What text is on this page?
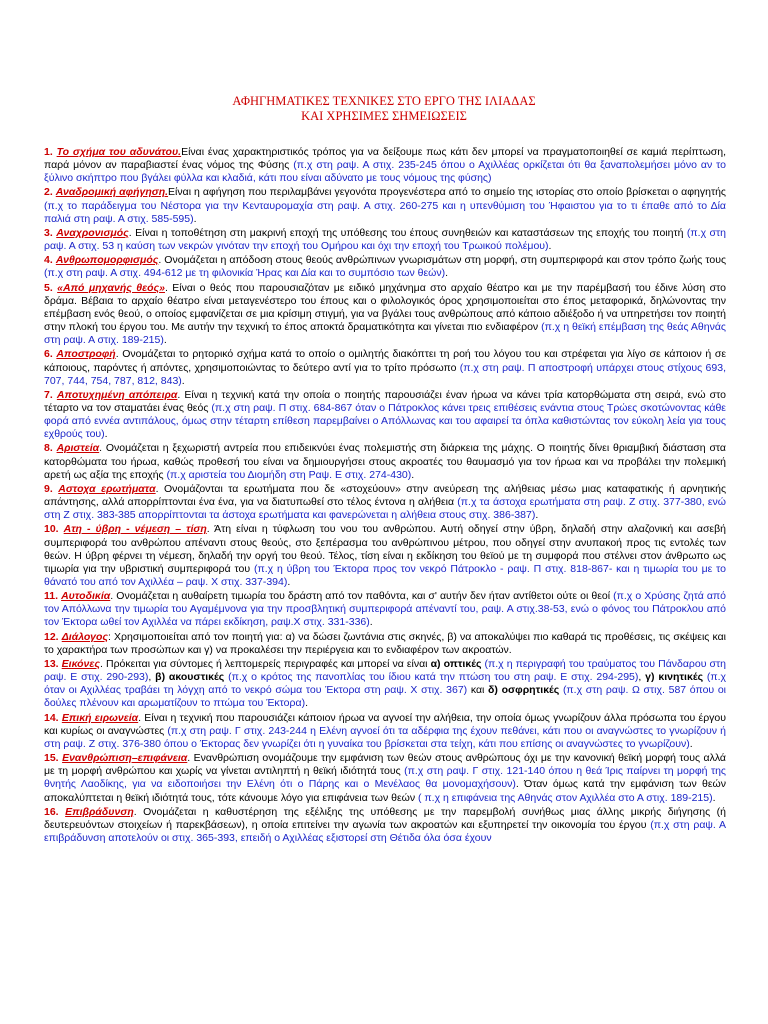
ΑΦΗΓΗΜΑΤΙΚΕΣ ΤΕΧΝΙΚΕΣ ΣΤΟ ΕΡΓΟ ΤΗΣ ΙΛΙΑΔΑΣ
ΚΑΙ ΧΡΗΣΙΜΕΣ ΣΗΜΕΙΩΣΕΙΣ
1. Το σχήμα του αδυνάτου.Είναι ένας χαρακτηριστικός τρόπος για να δείξουμε πως κάτι δεν μπορεί να πραγματοποιηθεί σε καμιά περίπτωση, παρά μόνον αν παραβιαστεί ένας νόμος της Φύσης (π.χ στη ραψ. Α στιχ. 235-245 όπου ο Αχιλλέας ορκίζεται ότι θα ξαναπολεμήσει μόνο αν το ξύλινο σκήπτρο που βγάλει φύλλα και κλαδιά, κάτι που είναι αδύνατο με τους νόμους της φύσης)
2. Αναδρομική αφήγηση.Είναι η αφήγηση που περιλαμβάνει γεγονότα προγενέστερα από το σημείο της ιστορίας στο οποίο βρίσκεται ο αφηγητής (π.χ το παράδειγμα του Νέστορα για την Κενταυρομαχία στη ραψ. Α στιχ. 260-275 και η υπενθύμιση του Ήφαιστου για το τι έπαθε από το Δία παλιά στη ραψ. Α στιχ. 585-595).
3. Αναχρονισμός. Είναι η τοποθέτηση στη μακρινή εποχή της υπόθεσης του έπους συνηθειών και καταστάσεων της εποχής του ποιητή (π.χ στη ραψ. Α στιχ. 53 η καύση των νεκρών γινόταν την εποχή του Ομήρου και όχι την εποχή του Τρωικού πολέμου).
4. Ανθρωπομορφισμός. Ονομάζεται η απόδοση στους θεούς ανθρώπινων γνωρισμάτων στη μορφή, στη συμπεριφορά και στον τρόπο ζωής τους (π.χ στη ραψ. Α στιχ. 494-612 με τη φιλονικία Ήρας και Δία και το συμπόσιο των θεών).
5. «Από μηχανής θεός». Είναι ο θεός που παρουσιαζόταν με ειδικό μηχάνημα στο αρχαίο θέατρο και με την παρέμβασή του έδινε λύση στο δράμα. Βέβαια το αρχαίο θέατρο είναι μεταγενέστερο του έπους και ο φιλολογικός όρος χρησιμοποιείται στο έπος μεταφορικά, δηλώνοντας την επέμβαση ενός θεού, ο οποίος εμφανίζεται σε μια κρίσιμη στιγμή, για να βγάλει τους ανθρώπους από κάποιο αδιέξοδο ή να υπηρετήσει τον ποιητή στην πλοκή του έργου του. Με αυτήν την τεχνική το έπος αποκτά δραματικότητα και γίνεται πιο ενδιαφέρον (π.χ η θεϊκή επέμβαση της θεάς Αθηνάς στη ραψ. Α στιχ. 189-215).
6. Αποστροφή. Ονομάζεται το ρητορικό σχήμα κατά το οποίο ο ομιλητής διακόπτει τη ροή του λόγου του και στρέφεται για λίγο σε κάποιον ή σε κάποιους, παρόντες ή απόντες, χρησιμοποιώντας το δεύτερο αντί για το τρίτο πρόσωπο (π.χ στη ραψ. Π αποστροφή υπάρχει στους στίχους 693, 707, 744, 754, 787, 812, 843).
7. Αποτυχημένη απόπειρα. Είναι η τεχνική κατά την οποία ο ποιητής παρουσιάζει έναν ήρωα να κάνει τρία κατορθώματα στη σειρά, ενώ στο τέταρτο να τον σταματάει ένας θεός (π.χ στη ραψ. Π στιχ. 684-867 όταν ο Πάτροκλος κάνει τρεις επιθέσεις ενάντια στους Τρώες σκοτώνοντας κάθε φορά από εννέα αντιπάλους, όμως στην τέταρτη επίθεση παρεμβαίνει ο Απόλλωνας και του αφαιρεί τα όπλα καθιστώντας τον εύκολη λεία για τους εχθρούς του).
8. Αριστεία. Ονομάζεται η ξεχωριστή αντρεία που επιδεικνύει ένας πολεμιστής στη διάρκεια της μάχης. Ο ποιητής δίνει θριαμβική διάσταση στα κατορθώματα του ήρωα, καθώς προθεσή του είναι να δημιουργήσει στους ακροατές του θαυμασμό για τον ήρωα και να προβάλει την πολεμική αρετή ως αξία της εποχής (π.χ αριστεία του Διομήδη στη Ραψ. Ε στιχ. 274-430).
9. Αστοχα ερωτήματα. Ονομάζονται τα ερωτήματα που δε «στοχεύουν» στην ανεύρεση της αλήθειας μέσω μιας καταφατικής ή αρνητικής απάντησης, αλλά απορρίπτονται ένα ένα, για να διατυπωθεί στο τέλος έντονα η αλήθεια (π.χ τα άστοχα ερωτήματα στη ραψ. Ζ στιχ. 377-380, ενώ στη Ζ στιχ. 383-385 απορρίπτονται τα άστοχα ερωτήματα και φανερώνεται η αλήθεια στους στιχ. 386-387).
10. Ατη - ύβρη - νέμεση – τίση. Άτη είναι η τύφλωση του νου του ανθρώπου. Αυτή οδηγεί στην ύβρη, δηλαδή στην αλαζονική και ασεβή συμπεριφορά του ανθρώπου απέναντι στους θεούς, στο ξεπέρασμα του ανθρώπινου μέτρου, που οδηγεί στην ανυπακοή προς τις εντολές των θεών. Η ύβρη φέρνει τη νέμεση, δηλαδή την οργή του θεού. Τέλος, τίση είναι η εκδίκηση του θεϊού με τη συμφορά που στέλνει στον άνθρωπο ως τιμωρία για την υβριστική συμπεριφορά του (π.χ η ύβρη του Έκτορα προς τον νεκρό Πάτροκλο - ραψ. Π στιχ. 818-867- και η τιμωρία του με το θάνατό του από τον Αχιλλέα – ραψ. Χ στιχ. 337-394).
11. Αυτοδικία. Ονομάζεται η αυθαίρετη τιμωρία του δράστη από τον παθόντα, και σ' αυτήν δεν ήταν αντίθετοι ούτε οι θεοί (π.χ ο Χρύσης ζητά από τον Απόλλωνα την τιμωρία του Αγαμέμνονα για την προσβλητική συμπεριφορά απέναντί του, ραψ. Α στιχ.38-53, ενώ ο φόνος του Πάτροκλου από τον Έκτορα ωθεί τον Αχιλλέα να πάρει εκδίκηση, ραψ.Χ στιχ. 331-336).
12. Διάλογος: Χρησιμοποιείται από τον ποιητή για: α) να δώσει ζωντάνια στις σκηνές, β) να αποκαλύψει πιο καθαρά τις προθέσεις, τις σκέψεις και το χαρακτήρα των προσώπων και γ) να προκαλέσει την περιέργεια και το ενδιαφέρον των ακροατών.
13. Εικόνες. Πρόκειται για σύντομες ή λεπτομερείς περιγραφές και μπορεί να είναι α) οπτικές (π.χ η περιγραφή του τραύματος του Πάνδαρου στη ραψ. Ε στιχ. 290-293), β) ακουστικές (π.χ ο κρότος της πανοπλίας του ίδιου κατά την πτώση του στη ραψ. Ε στιχ. 294-295), γ) κινητικές (π.χ όταν οι Αχιλλέας τραβάει τη λόγχη από το νεκρό σώμα του Έκτορα στη ραψ. Χ στιχ. 367) και δ) οσφρητικές (π.χ στη ραψ. Ω στιχ. 587 όπου οι δούλες πλένουν και αρωματίζουν το πτώμα του Έκτορα).
14. Επική ειρωνεία. Είναι η τεχνική που παρουσιάζει κάποιον ήρωα να αγνοεί την αλήθεια, την οποία όμως γνωρίζουν άλλα πρόσωπα του έργου και κυρίως οι αναγνώστες (π.χ στη ραψ. Γ στιχ. 243-244 η Ελένη αγνοεί ότι τα αδέρφια της έχουν πεθάνει, κάτι που οι αναγνώστες το γνωρίζουν ή στη ραψ. Ζ στιχ. 376-380 όπου ο Έκτορας δεν γνωρίζει ότι η γυναίκα του βρίσκεται στα τείχη, κάτι που επίσης οι αναγνώστες το γνωρίζουν).
15. Ενανθρώπιση–επιφάνεια. Ενανθρώπιση ονομάζουμε την εμφάνιση των θεών στους ανθρώπους όχι με την κανονική θεϊκή μορφή τους αλλά με τη μορφή ανθρώπου και χωρίς να γίνεται αντιληπτή η θεϊκή ιδιότητά τους (π.χ στη ραψ. Γ στιχ. 121-140 όπου η θεά Ίρις παίρνει τη μορφή της θνητής Λαοδίκης, για να ειδοποιήσει την Ελένη ότι ο Πάρης και ο Μενέλαος θα μονομαχήσουν). Όταν όμως κατά την εμφάνιση των θεών αποκαλύπτεται η θεϊκή ιδιότητά τους, τότε κάνουμε λόγο για επιφάνεια των θεών ( π.χ η επιφάνεια της Αθηνάς στον Αχιλλέα στο Α στιχ. 189-215).
16. Επιβράδυνση. Ονομάζεται η καθυστέρηση της εξέλιξης της υπόθεσης με την παρεμβολή συνήθως μιας άλλης μικρής διήγησης (ή δευτερευόντων στοιχείων ή παρεκβάσεων), η οποία επιτείνει την αγωνία των ακροατών και εξυπηρετεί την οικονομία του έργου (π.χ στη ραψ. Α επιβράδυνση αποτελούν οι στιχ. 365-393, επειδή ο Αχιλλέας εξιστορεί στη Θέτιδα όλα όσα έχουν
